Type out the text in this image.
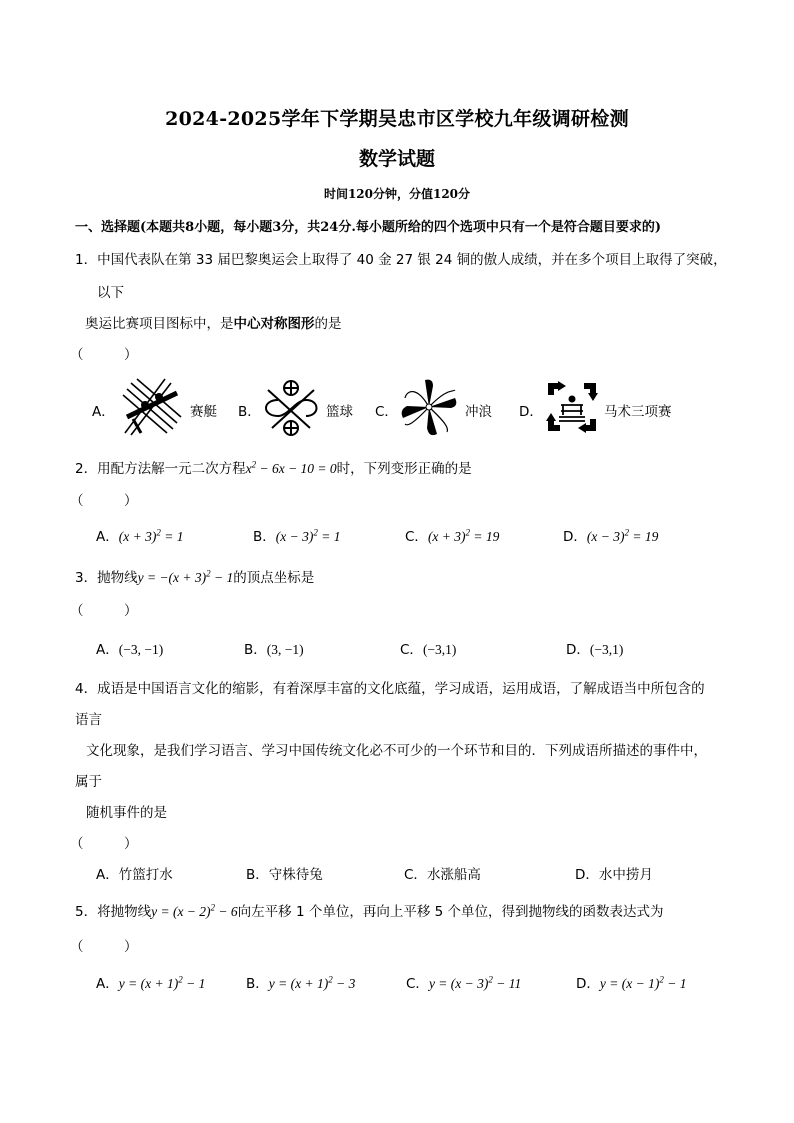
2024-2025学年下学期吴忠市区学校九年级调研检测
数学试题
时间120分钟，分值120分
一、选择题(本题共8小题，每小题3分，共24分.每小题所给的四个选项中只有一个是符合题目要求的)
1．中国代表队在第 33 届巴黎奥运会上取得了 40 金 27 银 24 铜的傲人成绩，并在多个项目上取得了突破，
以下
奥运比赛项目图标中，是中心对称图形的是
（　　　）
A．	赛艇 B．	篮球 C．	冲浪 D．	马术三项赛
2．用配方法解一元二次方程$x^2 - 6x - 10 = 0$时，下列变形正确的是
（　　　）
A．$(x + 3)^2 = 1$	B．$(x - 3)^2 = 1$	C．$(x + 3)^2 = 19$	D．$(x - 3)^2 = 19$
3．抛物线$y = -(x + 3)^2 - 1$的顶点坐标是
（　　　）
A．(−3, −1)	B．(3, −1)	C．(−3,1)	D．(−3,1)
4．成语是中国语言文化的缩影，有着深厚丰富的文化底蕴，学习成语，运用成语，了解成语当中所包含的
语言
文化现象，是我们学习语言、学习中国传统文化必不可少的一个环节和目的．下列成语所描述的事件中，
属于
随机事件的是
（　　　）
A．竹篮打水	B．守株待兔	C．水涨船高	D．水中捞月
5．将抛物线$y = (x - 2)^2 - 6$向左平移 1 个单位，再向上平移 5 个单位，得到抛物线的函数表达式为
（　　　）
A．$y = (x + 1)^2 - 1$	B．$y = (x + 1)^2 - 3$	C．$y = (x - 3)^2 - 11$	D．$y = (x - 1)^2 - 1$
